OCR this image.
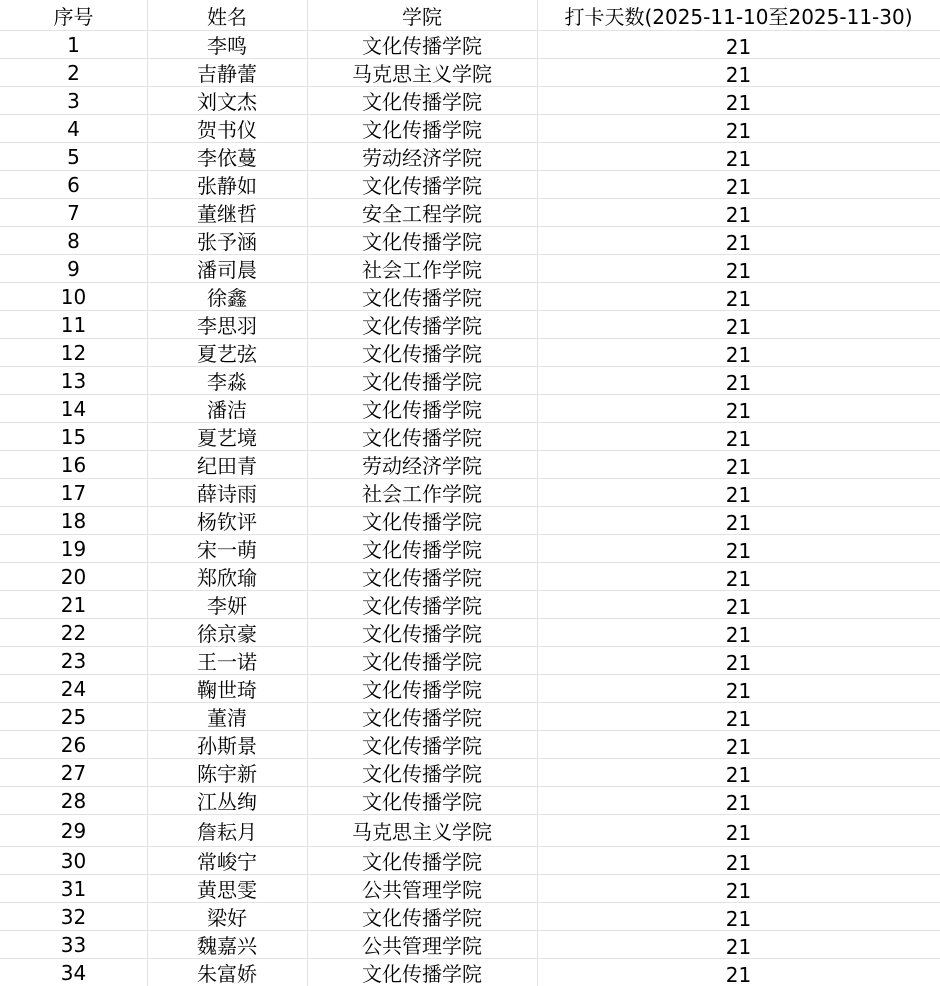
序号	姓名	学院	打卡天数(2025-11-10至2025-11-30)
1	李鸣	文化传播学院	21
2	吉静蕾	马克思主义学院	21
3	刘文杰	文化传播学院	21
4	贺书仪	文化传播学院	21
5	李依蔓	劳动经济学院	21
6	张静如	文化传播学院	21
7	董继哲	安全工程学院	21
8	张予涵	文化传播学院	21
9	潘司晨	社会工作学院	21
10	徐鑫	文化传播学院	21
11	李思羽	文化传播学院	21
12	夏艺弦	文化传播学院	21
13	李淼	文化传播学院	21
14	潘洁	文化传播学院	21
15	夏艺境	文化传播学院	21
16	纪田青	劳动经济学院	21
17	薛诗雨	社会工作学院	21
18	杨钦评	文化传播学院	21
19	宋一萌	文化传播学院	21
20	郑欣瑜	文化传播学院	21
21	李妍	文化传播学院	21
22	徐京豪	文化传播学院	21
23	王一诺	文化传播学院	21
24	鞠世琦	文化传播学院	21
25	董清	文化传播学院	21
26	孙斯景	文化传播学院	21
27	陈宇新	文化传播学院	21
28	江丛绚	文化传播学院	21
29	詹耘月	马克思主义学院	21
30	常峻宁	文化传播学院	21
31	黄思雯	公共管理学院	21
32	梁好	文化传播学院	21
33	魏嘉兴	公共管理学院	21
34	朱富娇	文化传播学院	21
